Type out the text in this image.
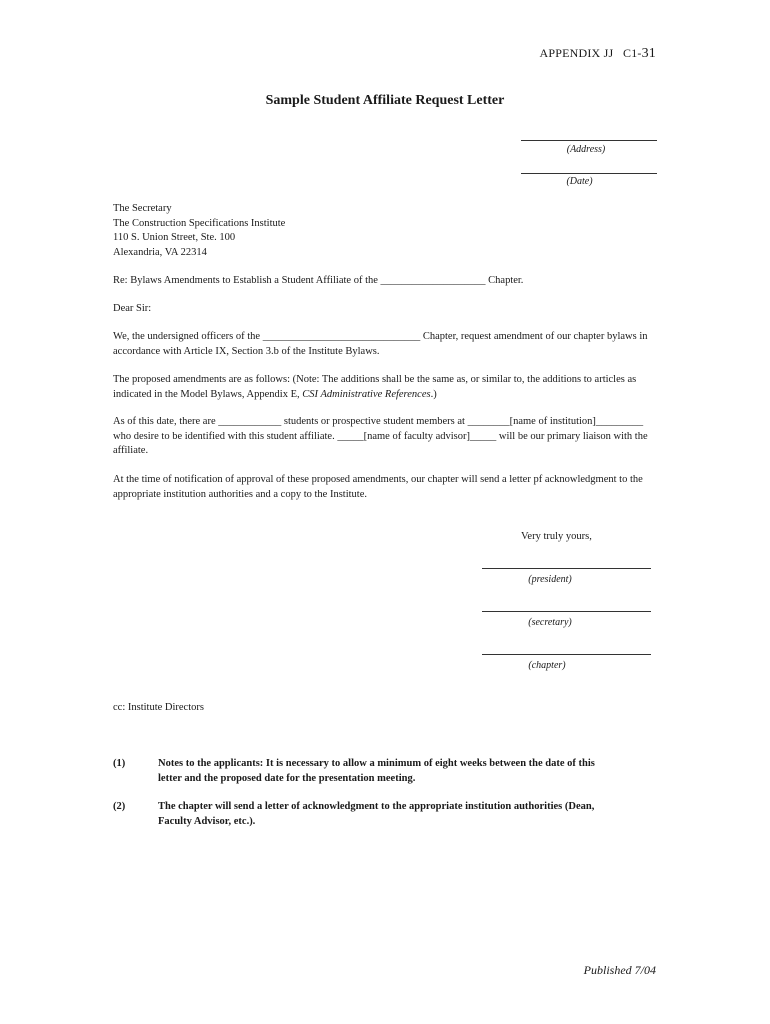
APPENDIX JJ C1-31
Sample Student Affiliate Request Letter
(Address)
(Date)
The Secretary
The Construction Specifications Institute
110 S. Union Street, Ste. 100
Alexandria, VA 22314
Re: Bylaws Amendments to Establish a Student Affiliate of the ____________________ Chapter.
Dear Sir:
We, the undersigned officers of the ______________________________ Chapter, request amendment of our chapter bylaws in accordance with Article IX, Section 3.b of the Institute Bylaws.
The proposed amendments are as follows: (Note: The additions shall be the same as, or similar to, the additions to articles as indicated in the Model Bylaws, Appendix E, CSI Administrative References.)
As of this date, there are ____________ students or prospective student members at ________[name of institution]_________ who desire to be identified with this student affiliate. _____[name of faculty advisor]_____ will be our primary liaison with the affiliate.
At the time of notification of approval of these proposed amendments, our chapter will send a letter pf acknowledgment to the appropriate institution authorities and a copy to the Institute.
Very truly yours,
(president)
(secretary)
(chapter)
cc: Institute Directors
(1)	Notes to the applicants: It is necessary to allow a minimum of eight weeks between the date of this letter and the proposed date for the presentation meeting.
(2)	The chapter will send a letter of acknowledgment to the appropriate institution authorities (Dean, Faculty Advisor, etc.).
Published 7/04
